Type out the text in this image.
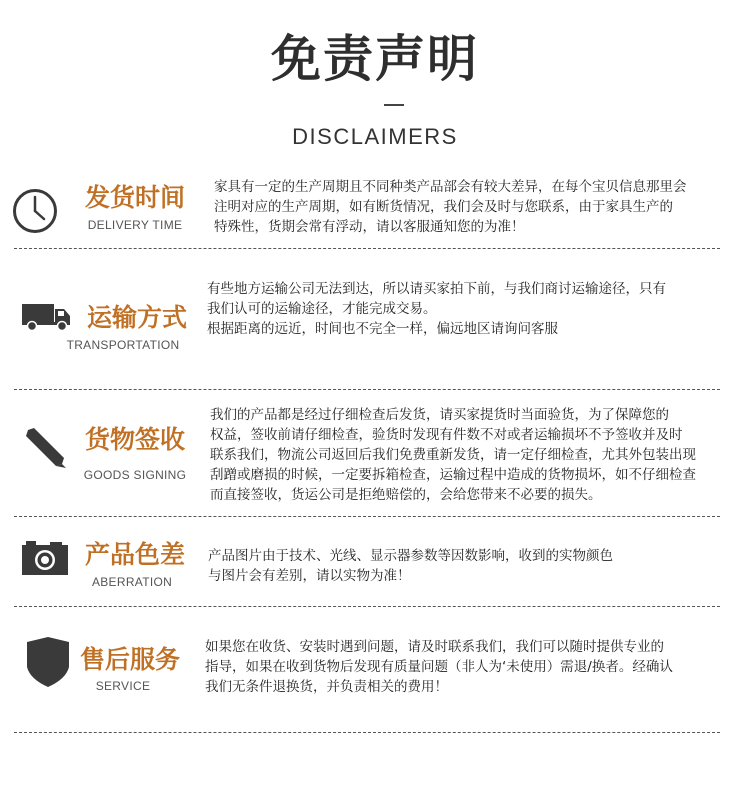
免责声明
DISCLAIMERS
发货时间
DELIVERY TIME

家具有一定的生产周期且不同种类产品部会有较大差异，在每个宝贝信息那里会

注明对应的生产周期，如有断货情况，我们会及时与您联系，由于家具生产的

特殊性，货期会常有浮动，请以客服通知您的为准！

运输方式
TRANSPORTATION

有些地方运输公司无法到达，所以请买家拍下前，与我们商讨运输途径，只有

我们认可的运输途径，才能完成交易。

根据距离的远近，时间也不完全一样，偏远地区请询问客服

货物签收
GOODS SIGNING

我们的产品都是经过仔细检查后发货，请买家提货时当面验货，为了保障您的

权益，签收前请仔细检查，验货时发现有件数不对或者运输损坏不予签收并及时

联系我们，物流公司返回后我们免费重新发货，请一定仔细检查，尤其外包装出现

刮蹭或磨损的时候，一定要拆箱检查，运输过程中造成的货物损坏，如不仔细检查

而直接签收，货运公司是拒绝赔偿的，会给您带来不必要的损失。

产品色差
ABERRATION

产品图片由于技术、光线、显示器参数等因数影响，收到的实物颜色

与图片会有差别，请以实物为准！

售后服务
SERVICE

如果您在收货、安装时遇到问题，请及时联系我们，我们可以随时提供专业的

指导，如果在收到货物后发现有质量问题（非人为‘未使用）需退/换者。经确认

我们无条件退换货，并负责相关的费用！
